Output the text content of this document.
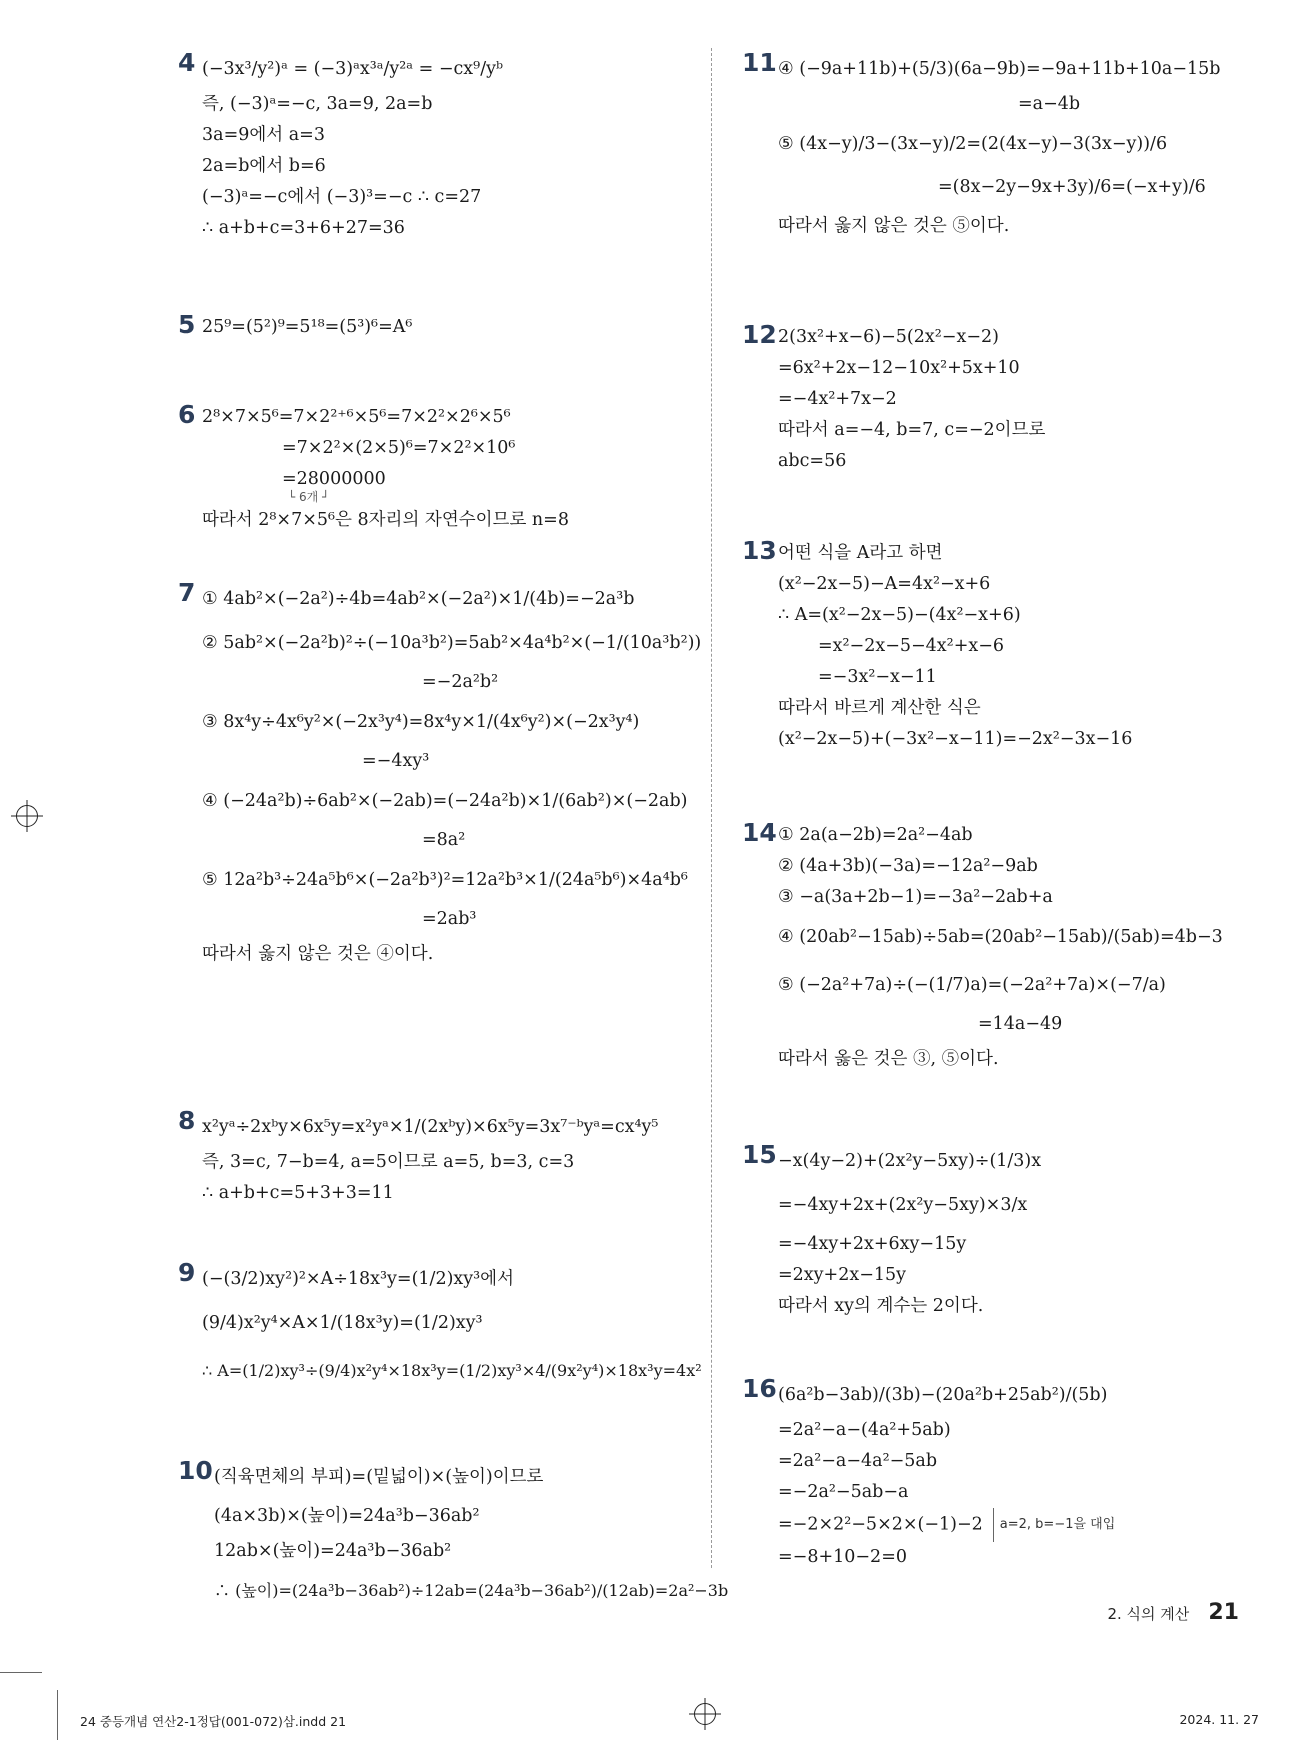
4 (−3x³/y²)ᵃ = (−3)ᵃx³ᵃ/y²ᵃ = −cx⁹/yᵇ
즉, (−3)ᵃ=−c, 3a=9, 2a=b
3a=9에서 a=3
2a=b에서 b=6
(−3)ᵃ=−c에서 (−3)³=−c ∴ c=27
∴ a+b+c=3+6+27=36
5 25⁹=(5²)⁹=5¹⁸=(5³)⁶=A⁶
6 2⁸×7×5⁶=7×2²⁺⁶×5⁶=7×2²×2⁶×5⁶
=7×2²×(2×5)⁶=7×2²×10⁶
=28000000
└ 6개 ┘
따라서 2⁸×7×5⁶은 8자리의 자연수이므로 n=8
7 ① 4ab²×(−2a²)÷4b=4ab²×(−2a²)×1/(4b)=−2a³b
② 5ab²×(−2a²b)²÷(−10a³b²)=5ab²×4a⁴b²×(−1/(10a³b²))
=−2a²b²
③ 8x⁴y÷4x⁶y²×(−2x³y⁴)=8x⁴y×1/(4x⁶y²)×(−2x³y⁴)
=−4xy³
④ (−24a²b)÷6ab²×(−2ab)=(−24a²b)×1/(6ab²)×(−2ab)
=8a²
⑤ 12a²b³÷24a⁵b⁶×(−2a²b³)²=12a²b³×1/(24a⁵b⁶)×4a⁴b⁶
=2ab³
따라서 옳지 않은 것은 ④이다.
8 x²yᵃ÷2xᵇy×6x⁵y=x²yᵃ×1/(2xᵇy)×6x⁵y=3x⁷⁻ᵇyᵃ=cx⁴y⁵
즉, 3=c, 7−b=4, a=5이므로 a=5, b=3, c=3
∴ a+b+c=5+3+3=11
9 (−(3/2)xy²)²×A÷18x³y=(1/2)xy³에서
(9/4)x²y⁴×A×1/(18x³y)=(1/2)xy³
∴ A=(1/2)xy³÷(9/4)x²y⁴×18x³y=(1/2)xy³×4/(9x²y⁴)×18x³y=4x²
10 (직육면체의 부피)=(밑넓이)×(높이)이므로
(4a×3b)×(높이)=24a³b−36ab²
12ab×(높이)=24a³b−36ab²
∴ (높이)=(24a³b−36ab²)÷12ab=(24a³b−36ab²)/(12ab)=2a²−3b
11 ④ (−9a+11b)+(5/3)(6a−9b)=−9a+11b+10a−15b
=a−4b
⑤ (4x−y)/3−(3x−y)/2=(2(4x−y)−3(3x−y))/6
=(8x−2y−9x+3y)/6=(−x+y)/6
따라서 옳지 않은 것은 ⑤이다.
12 2(3x²+x−6)−5(2x²−x−2)
=6x²+2x−12−10x²+5x+10
=−4x²+7x−2
따라서 a=−4, b=7, c=−2이므로
abc=56
13 어떤 식을 A라고 하면
(x²−2x−5)−A=4x²−x+6
∴ A=(x²−2x−5)−(4x²−x+6)
=x²−2x−5−4x²+x−6
=−3x²−x−11
따라서 바르게 계산한 식은
(x²−2x−5)+(−3x²−x−11)=−2x²−3x−16
14 ① 2a(a−2b)=2a²−4ab
② (4a+3b)(−3a)=−12a²−9ab
③ −a(3a+2b−1)=−3a²−2ab+a
④ (20ab²−15ab)÷5ab=(20ab²−15ab)/(5ab)=4b−3
⑤ (−2a²+7a)÷(−(1/7)a)=(−2a²+7a)×(−7/a)
=14a−49
따라서 옳은 것은 ③, ⑤이다.
15 −x(4y−2)+(2x²y−5xy)÷(1/3)x
=−4xy+2x+(2x²y−5xy)×3/x
=−4xy+2x+6xy−15y
=2xy+2x−15y
따라서 xy의 계수는 2이다.
16 (6a²b−3ab)/(3b)−(20a²b+25ab²)/(5b)
=2a²−a−(4a²+5ab)
=2a²−a−4a²−5ab
=−2a²−5ab−a
=−2×2²−5×2×(−1)−2 a=2, b=−1을 대입
=−8+10−2=0
2. 식의 계산 21
24 중등개념 연산2-1정답(001-072)삼.indd 21	2024. 11. 27
